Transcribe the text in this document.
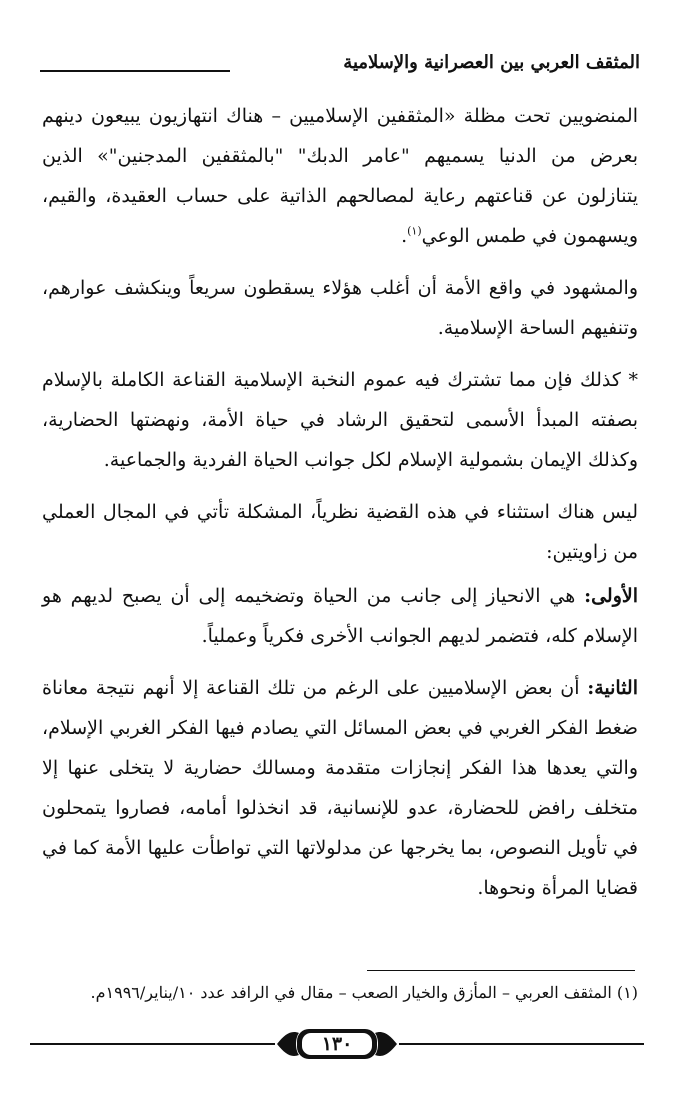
المثقف العربي بين العصرانية والإسلامية

المنضويين تحت مظلة «المثقفين الإسلاميين – هناك انتهازيون يبيعون دينهم بعرض من الدنيا يسميهم "عامر الدبك" "بالمثقفين المدجنين"» الذين يتنازلون عن قناعتهم رعاية لمصالحهم الذاتية على حساب العقيدة، والقيم، ويسهمون في طمس الوعي$^{(١)}$.

والمشهود في واقع الأمة أن أغلب هؤلاء يسقطون سريعاً وينكشف عوارهم، وتنفيهم الساحة الإسلامية.

* كذلك فإن مما تشترك فيه عموم النخبة الإسلامية القناعة الكاملة بالإسلام بصفته المبدأ الأسمى لتحقيق الرشاد في حياة الأمة، ونهضتها الحضارية، وكذلك الإيمان بشمولية الإسلام لكل جوانب الحياة الفردية والجماعية.

ليس هناك استثناء في هذه القضية نظرياً، المشكلة تأتي في المجال العملي من زاويتين:

الأولى: هي الانحياز إلى جانب من الحياة وتضخيمه إلى أن يصبح لديهم هو الإسلام كله، فتضمر لديهم الجوانب الأخرى فكرياً وعملياً.

الثانية: أن بعض الإسلاميين على الرغم من تلك القناعة إلا أنهم نتيجة معاناة ضغط الفكر الغربي في بعض المسائل التي يصادم فيها الفكر الغربي الإسلام، والتي يعدها هذا الفكر إنجازات متقدمة ومسالك حضارية لا يتخلى عنها إلا متخلف رافض للحضارة، عدو للإنسانية، قد انخذلوا أمامه، فصاروا يتمحلون في تأويل النصوص، بما يخرجها عن مدلولاتها التي تواطأت عليها الأمة كما في قضايا المرأة ونحوها.

(١) المثقف العربي – المأزق والخيار الصعب – مقال في الرافد عدد ١٠/يناير/١٩٩٦م.
١٣٠
